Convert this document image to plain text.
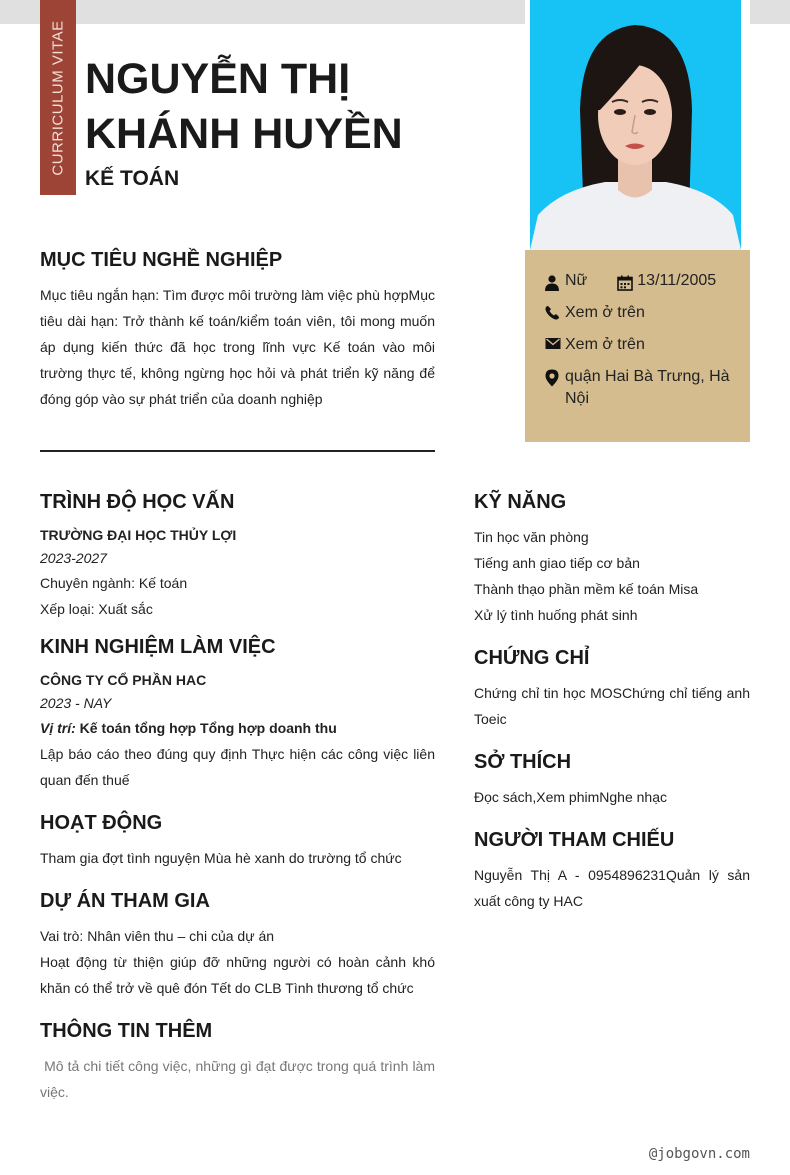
CURRICULUM VITAE NGUYỄN THỊ
KHÁNH HUYỀN
KẾ TOÁN
Nữ	13/11/2005
Xem ở trên
Xem ở trên
quận Hai Bà Trưng, Hà Nội
MỤC TIÊU NGHỀ NGHIỆP
Mục tiêu ngắn hạn: Tìm được môi trường làm việc phù hợpMục tiêu dài hạn: Trở thành kế toán/kiểm toán viên, tôi mong muốn áp dụng kiến thức đã học trong lĩnh vực Kế toán vào môi trường thực tế, không ngừng học hỏi và phát triển kỹ năng để đóng góp vào sự phát triển của doanh nghiệp
TRÌNH ĐỘ HỌC VẤN
TRƯỜNG ĐẠI HỌC THỦY LỢI
2023-2027
Chuyên ngành: Kế toán
Xếp loại: Xuất sắc
KINH NGHIỆM LÀM VIỆC
CÔNG TY CỔ PHẦN HAC
2023 - NAY
Vị trí: Kế toán tổng hợp Tổng hợp doanh thu
Lập báo cáo theo đúng quy định Thực hiện các công việc liên quan đến thuế
HOẠT ĐỘNG
Tham gia đợt tình nguyện Mùa hè xanh do trường tổ chức
DỰ ÁN THAM GIA
Vai trò: Nhân viên thu – chi của dự án
Hoạt động từ thiện giúp đỡ những người có hoàn cảnh khó khăn có thể trở về quê đón Tết do CLB Tình thương tổ chức
THÔNG TIN THÊM
Mô tả chi tiết công việc, những gì đạt được trong quá trình làm việc.
KỸ NĂNG
Tin học văn phòng
Tiếng anh giao tiếp cơ bản
Thành thạo phần mềm kế toán Misa
Xử lý tình huống phát sinh
CHỨNG CHỈ
Chứng chỉ tin học MOSChứng chỉ tiếng anh Toeic
SỞ THÍCH
Đọc sách,Xem phimNghe nhạc
NGƯỜI THAM CHIẾU
Nguyễn Thị A - 0954896231Quản lý sản xuất công ty HAC
@jobgovn.com
